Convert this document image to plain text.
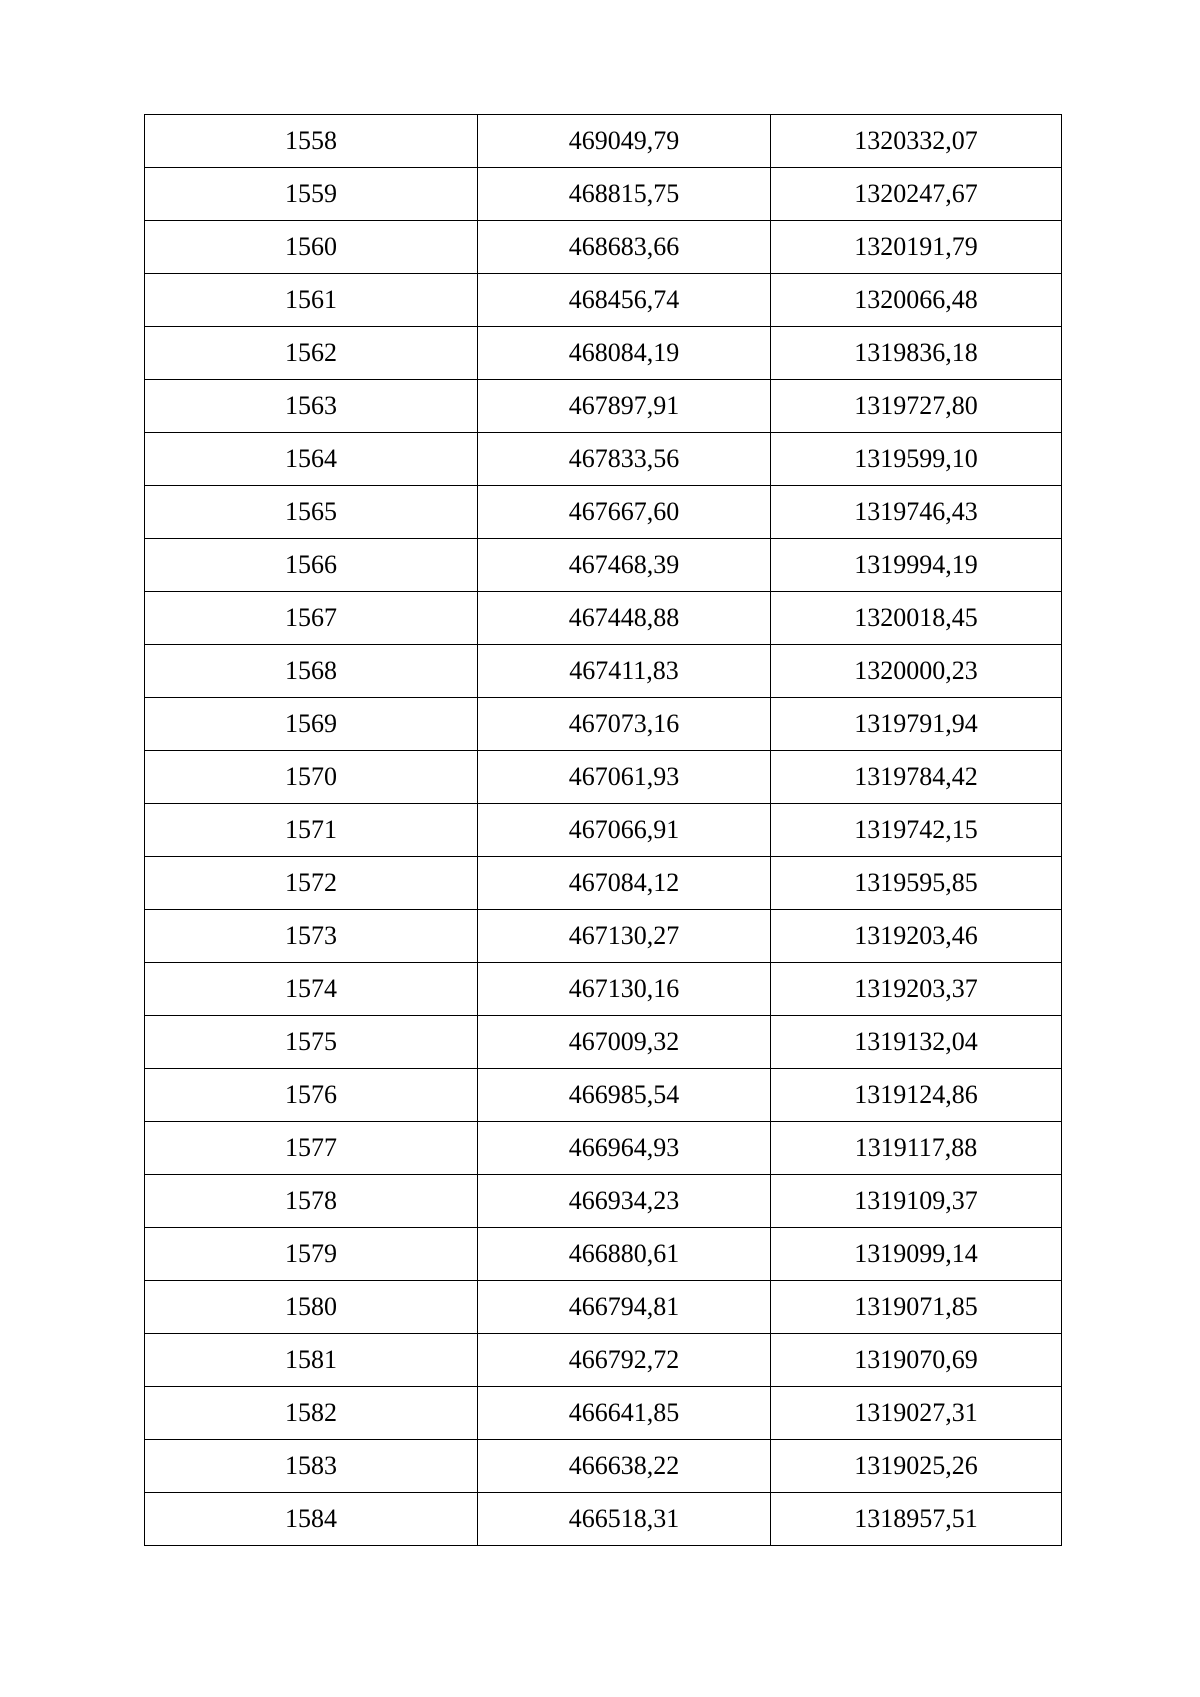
1558	469049,79	1320332,07
1559	468815,75	1320247,67
1560	468683,66	1320191,79
1561	468456,74	1320066,48
1562	468084,19	1319836,18
1563	467897,91	1319727,80
1564	467833,56	1319599,10
1565	467667,60	1319746,43
1566	467468,39	1319994,19
1567	467448,88	1320018,45
1568	467411,83	1320000,23
1569	467073,16	1319791,94
1570	467061,93	1319784,42
1571	467066,91	1319742,15
1572	467084,12	1319595,85
1573	467130,27	1319203,46
1574	467130,16	1319203,37
1575	467009,32	1319132,04
1576	466985,54	1319124,86
1577	466964,93	1319117,88
1578	466934,23	1319109,37
1579	466880,61	1319099,14
1580	466794,81	1319071,85
1581	466792,72	1319070,69
1582	466641,85	1319027,31
1583	466638,22	1319025,26
1584	466518,31	1318957,51
